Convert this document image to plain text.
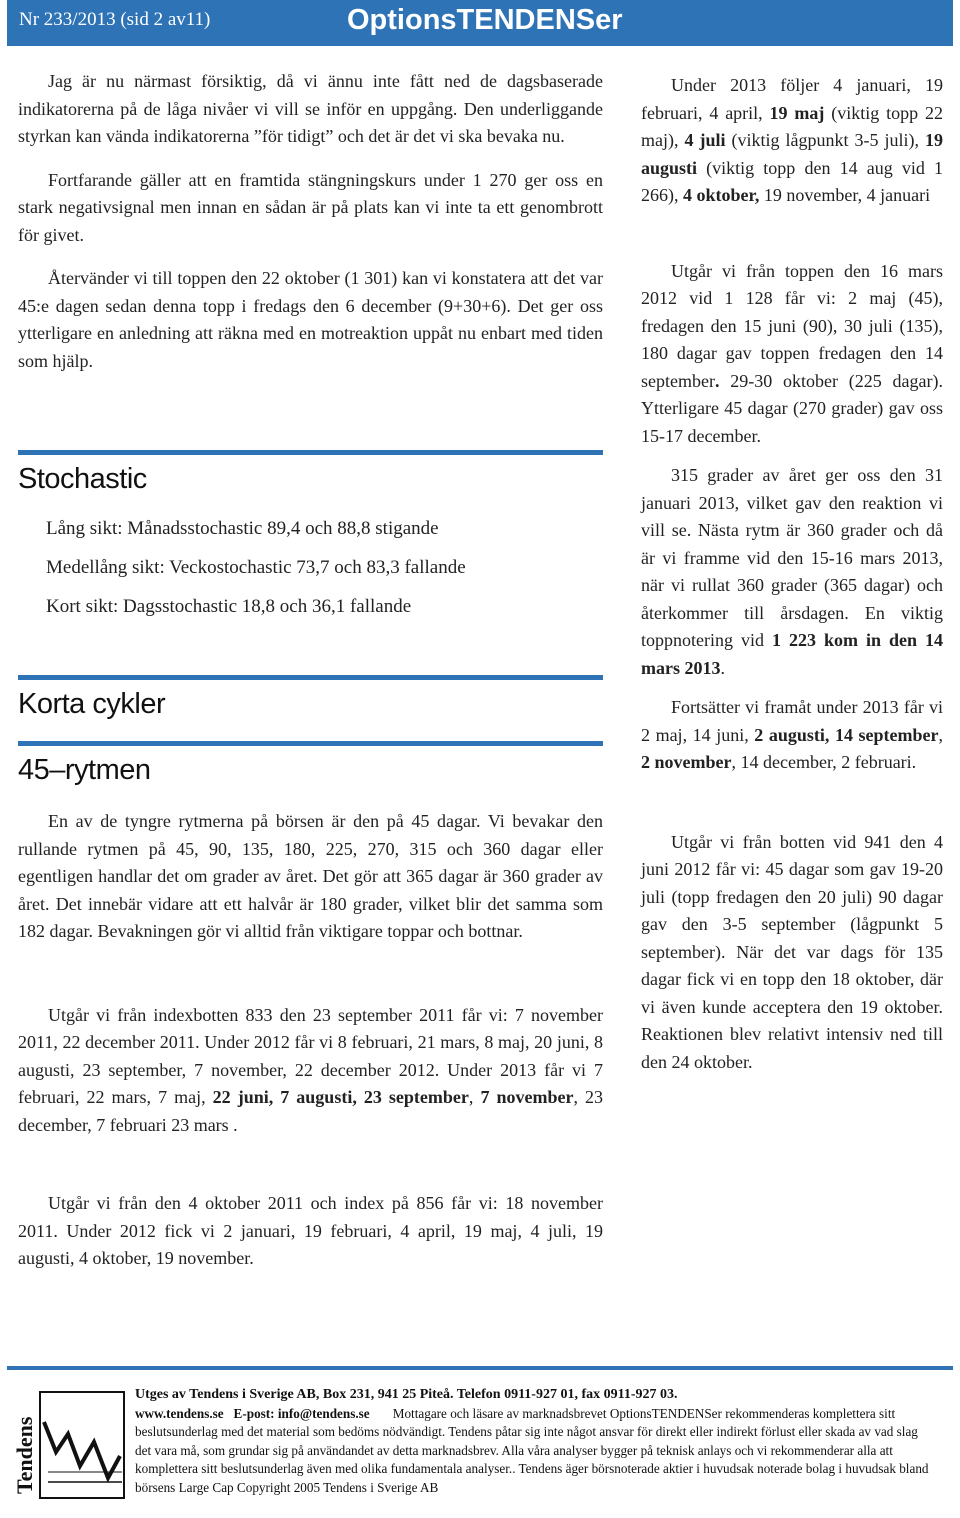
Nr 233/2013 (sid 2 av11)	OptionsTENDENSer

Jag är nu närmast försiktig, då vi ännu inte fått ned de dagsbaserade indikatorerna på de låga nivåer vi vill se inför en uppgång. Den underliggande styrkan kan vända indikatorerna ”för tidigt” och det är det vi ska bevaka nu.

Fortfarande gäller att en framtida stängningskurs under 1 270 ger oss en stark negativsignal men innan en sådan är på plats kan vi inte ta ett genombrott för givet.

Återvänder vi till toppen den 22 oktober (1 301) kan vi konstatera att det var 45:e dagen sedan denna topp i fredags den 6 december (9+30+6). Det ger oss ytterligare en anledning att räkna med en motreaktion uppåt nu enbart med tiden som hjälp.

Stochastic
Lång sikt: Månadsstochastic 89,4 och 88,8 stigande
Medellång sikt: Veckostochastic 73,7 och 83,3 fallande
Kort sikt: Dagsstochastic 18,8 och 36,1 fallande
Korta cykler
45–rytmen

En av de tyngre rytmerna på börsen är den på 45 dagar. Vi bevakar den rullande rytmen på 45, 90, 135, 180, 225, 270, 315 och 360 dagar eller egentligen handlar det om grader av året. Det gör att 365 dagar är 360 grader av året. Det innebär vidare att ett halvår är 180 grader, vilket blir det samma som 182 dagar. Bevakningen gör vi alltid från viktigare toppar och bottnar.

Utgår vi från indexbotten 833 den 23 september 2011 får vi: 7 november 2011, 22 december 2011. Under 2012 får vi 8 februari, 21 mars, 8 maj, 20 juni, 8 augusti, 23 september, 7 november, 22 december 2012. Under 2013 får vi 7 februari, 22 mars, 7 maj, 22 juni, 7 augusti, 23 september, 7 november, 23 december, 7 februari 23 mars .

Utgår vi från den 4 oktober 2011 och index på 856 får vi: 18 november 2011. Under 2012 fick vi 2 januari, 19 februari, 4 april, 19 maj, 4 juli, 19 augusti, 4 oktober, 19 november.

Under 2013 följer 4 januari, 19 februari, 4 april, 19 maj (viktig topp 22 maj), 4 juli (viktig lågpunkt 3-5 juli), 19 augusti (viktig topp den 14 aug vid 1 266), 4 oktober, 19 november, 4 januari

Utgår vi från toppen den 16 mars 2012 vid 1 128 får vi: 2 maj (45), fredagen den 15 juni (90), 30 juli (135), 180 dagar gav toppen fredagen den 14 september. 29-30 oktober (225 dagar). Ytterligare 45 dagar (270 grader) gav oss 15-17 december.

315 grader av året ger oss den 31 januari 2013, vilket gav den reaktion vi vill se. Nästa rytm är 360 grader och då är vi framme vid den 15-16 mars 2013, när vi rullat 360 grader (365 dagar) och återkommer till årsdagen. En viktig toppnotering vid 1 223 kom in den 14 mars 2013.

Fortsätter vi framåt under 2013 får vi 2 maj, 14 juni, 2 augusti, 14 september, 2 november, 14 december, 2 februari.

Utgår vi från botten vid 941 den 4 juni 2012 får vi: 45 dagar som gav 19-20 juli (topp fredagen den 20 juli) 90 dagar gav den 3-5 september (lågpunkt 5 september). När det var dags för 135 dagar fick vi en topp den 18 oktober, där vi även kunde acceptera den 19 oktober. Reaktionen blev relativt intensiv ned till den 24 oktober.

Tendens
Utges av Tendens i Sverige AB, Box 231, 941 25 Piteå. Telefon 0911-927 01, fax 0911-927 03.
www.tendens.se E-post: info@tendens.se Mottagare och läsare av marknadsbrevet OptionsTENDENSer rekommenderas komplettera sitt beslutsunderlag med det material som bedöms nödvändigt. Tendens påtar sig inte något ansvar för direkt eller indirekt förlust eller skada av vad slag det vara må, som grundar sig på användandet av detta marknadsbrev. Alla våra analyser bygger på teknisk anlays och vi rekommenderar alla att komplettera sitt beslutsunderlag även med olika fundamentala analyser.. Tendens äger börsnoterade aktier i huvudsak noterade bolag i huvudsak bland börsens Large Cap Copyright 2005 Tendens i Sverige AB
